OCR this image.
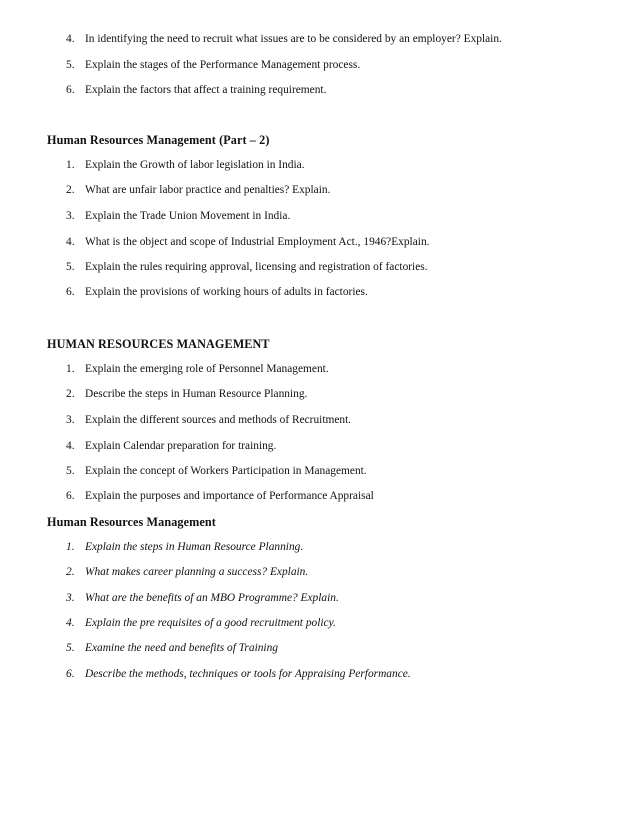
4. In identifying the need to recruit what issues are to be considered by an employer? Explain.
5. Explain the stages of the Performance Management process.
6. Explain the factors that affect a training requirement.
Human Resources Management (Part – 2)
1. Explain the Growth of labor legislation in India.
2. What are unfair labor practice and penalties? Explain.
3. Explain the Trade Union Movement in India.
4. What is the object and scope of Industrial Employment Act., 1946?Explain.
5. Explain the rules requiring approval, licensing and registration of factories.
6. Explain the provisions of working hours of adults in factories.
HUMAN RESOURCES MANAGEMENT
1. Explain the emerging role of Personnel Management.
2. Describe the steps in Human Resource Planning.
3. Explain the different sources and methods of Recruitment.
4. Explain Calendar preparation for training.
5. Explain the concept of Workers Participation in Management.
6. Explain the purposes and importance of Performance Appraisal
Human Resources Management
1. Explain the steps in Human Resource Planning.
2. What makes career planning a success? Explain.
3. What are the benefits of an MBO Programme? Explain.
4. Explain the pre requisites of a good recruitment policy.
5. Examine the need and benefits of Training
6. Describe the methods, techniques or tools for Appraising Performance.
